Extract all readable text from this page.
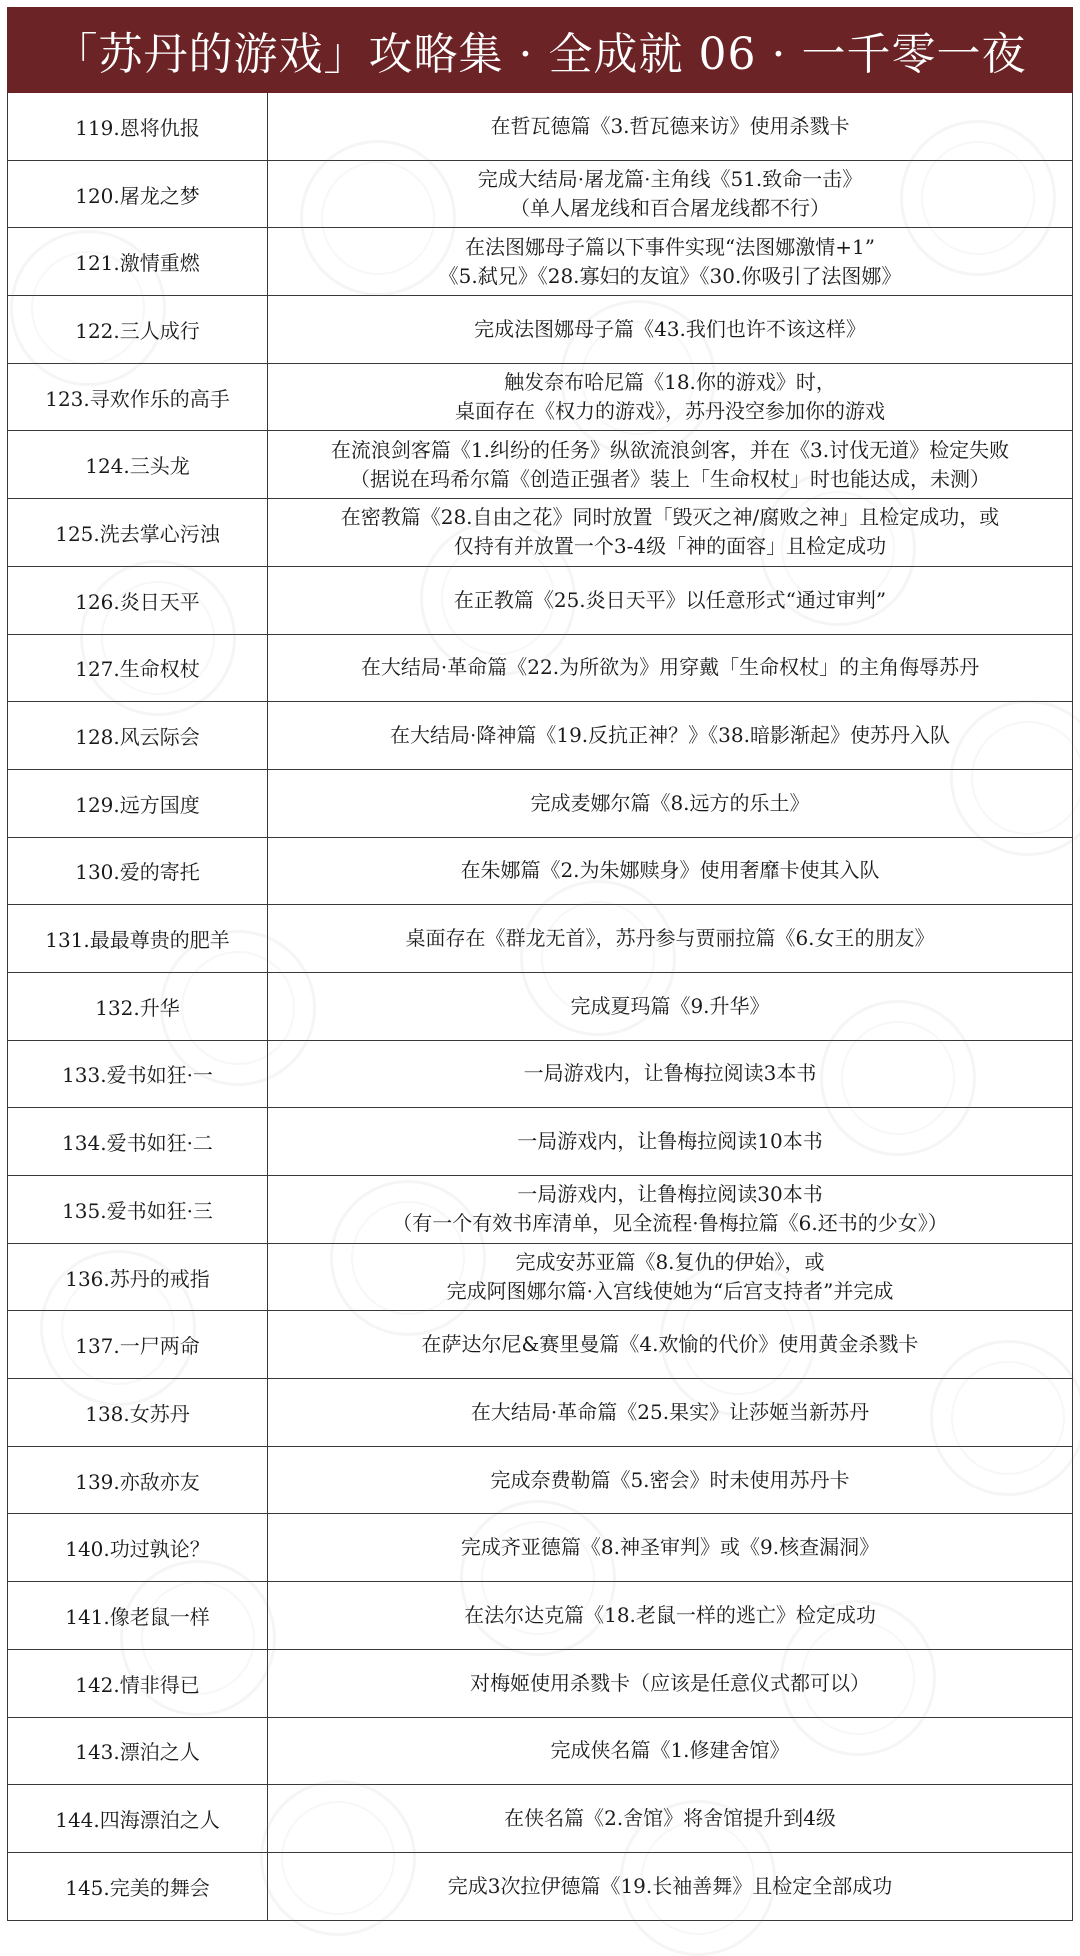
「苏丹的游戏」攻略集 · 全成就 06 · 一千零一夜
119.恩将仇报	在哲瓦德篇《3.哲瓦德来访》使用杀戮卡
120.屠龙之梦
完成大结局·屠龙篇·主角线《51.致命一击》
（单人屠龙线和百合屠龙线都不行）
121.激情重燃
在法图娜母子篇以下事件实现“法图娜激情+1”
《5.弑兄》《28.寡妇的友谊》《30.你吸引了法图娜》
122.三人成行	完成法图娜母子篇《43.我们也许不该这样》
123.寻欢作乐的高手
触发奈布哈尼篇《18.你的游戏》时，
桌面存在《权力的游戏》，苏丹没空参加你的游戏
124.三头龙
在流浪剑客篇《1.纠纷的任务》纵欲流浪剑客，并在《3.讨伐无道》检定失败
（据说在玛希尔篇《创造正强者》装上「生命权杖」时也能达成，未测）
125.洗去掌心污浊
在密教篇《28.自由之花》同时放置「毁灭之神/腐败之神」且检定成功，或
仅持有并放置一个3-4级「神的面容」且检定成功
126.炎日天平	在正教篇《25.炎日天平》以任意形式“通过审判”
127.生命权杖	在大结局·革命篇《22.为所欲为》用穿戴「生命权杖」的主角侮辱苏丹
128.风云际会	在大结局·降神篇《19.反抗正神？》《38.暗影渐起》使苏丹入队
129.远方国度	完成麦娜尔篇《8.远方的乐土》
130.爱的寄托	在朱娜篇《2.为朱娜赎身》使用奢靡卡使其入队
131.最最尊贵的肥羊	桌面存在《群龙无首》，苏丹参与贾丽拉篇《6.女王的朋友》
132.升华	完成夏玛篇《9.升华》
133.爱书如狂·一	一局游戏内，让鲁梅拉阅读3本书
134.爱书如狂·二	一局游戏内，让鲁梅拉阅读10本书
135.爱书如狂·三
一局游戏内，让鲁梅拉阅读30本书
（有一个有效书库清单，见全流程·鲁梅拉篇《6.还书的少女》）
136.苏丹的戒指
完成安苏亚篇《8.复仇的伊始》，或
完成阿图娜尔篇·入宫线使她为“后宫支持者”并完成
137.一尸两命	在萨达尔尼&赛里曼篇《4.欢愉的代价》使用黄金杀戮卡
138.女苏丹	在大结局·革命篇《25.果实》让莎姬当新苏丹
139.亦敌亦友	完成奈费勒篇《5.密会》时未使用苏丹卡
140.功过孰论？	完成齐亚德篇《8.神圣审判》或《9.核查漏洞》
141.像老鼠一样	在法尔达克篇《18.老鼠一样的逃亡》检定成功
142.情非得已	对梅姬使用杀戮卡（应该是任意仪式都可以）
143.漂泊之人	完成侠名篇《1.修建舍馆》
144.四海漂泊之人	在侠名篇《2.舍馆》将舍馆提升到4级
145.完美的舞会	完成3次拉伊德篇《19.长袖善舞》且检定全部成功
